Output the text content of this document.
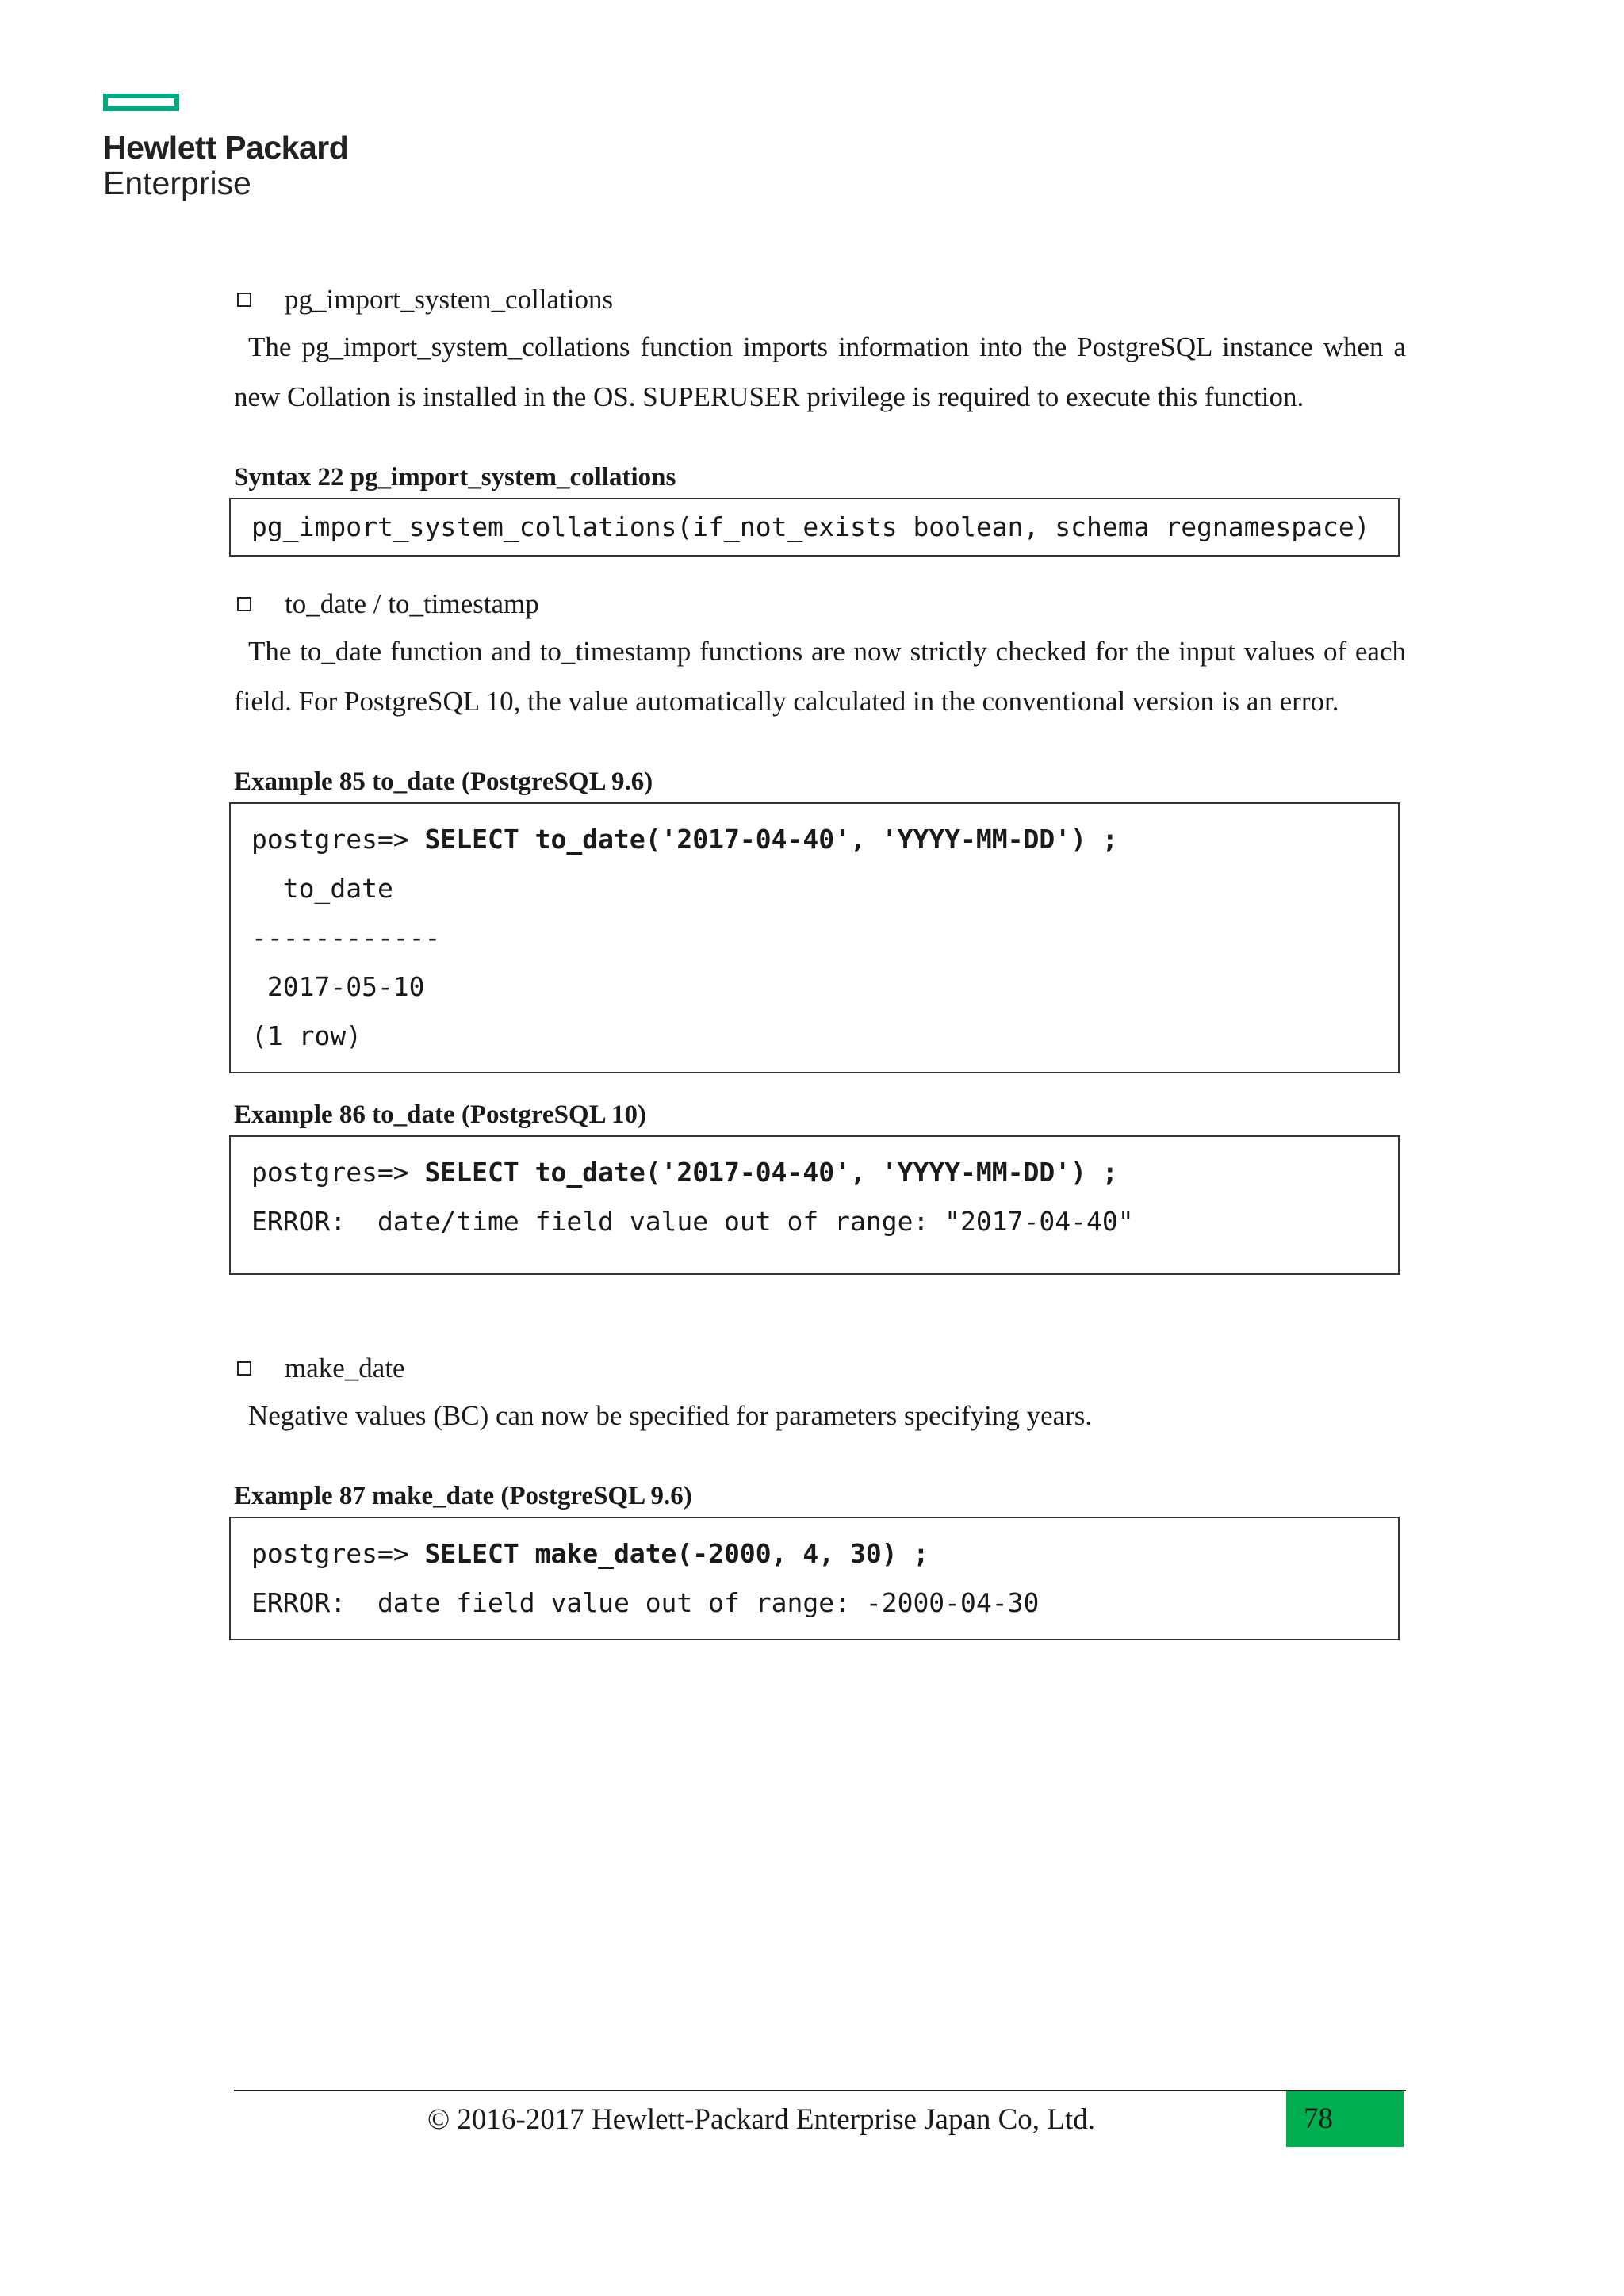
Hewlett Packard
Enterprise
pg_import_system_collations

The pg_import_system_collations function imports information into the PostgreSQL instance when a new Collation is installed in the OS. SUPERUSER privilege is required to execute this function.

Syntax 22 pg_import_system_collations
pg_import_system_collations(if_not_exists boolean, schema regnamespace)
to_date / to_timestamp

The to_date function and to_timestamp functions are now strictly checked for the input values of each field. For PostgreSQL 10, the value automatically calculated in the conventional version is an error.

Example 85 to_date (PostgreSQL 9.6)
postgres=> SELECT to_date('2017-04-40', 'YYYY-MM-DD') ;
to_date
------------
2017-05-10
(1 row)
Example 86 to_date (PostgreSQL 10)
postgres=> SELECT to_date('2017-04-40', 'YYYY-MM-DD') ;
ERROR:  date/time field value out of range: "2017-04-40"
make_date

Negative values (BC) can now be specified for parameters specifying years.

Example 87 make_date (PostgreSQL 9.6)
postgres=> SELECT make_date(-2000, 4, 30) ;
ERROR:  date field value out of range: -2000-04-30
© 2016-2017 Hewlett-Packard Enterprise Japan Co, Ltd.	78
